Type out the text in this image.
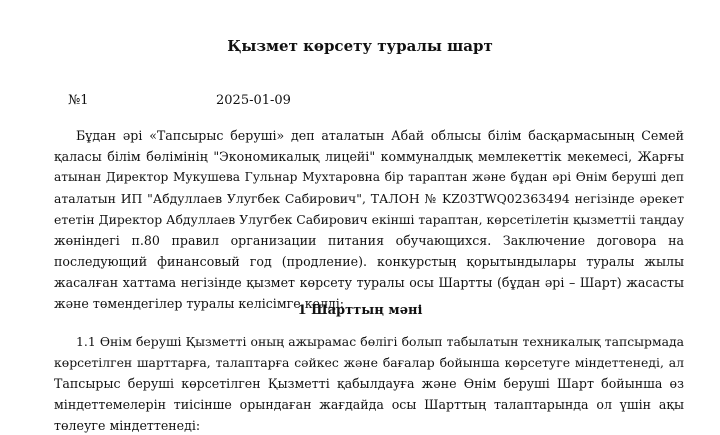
Қызмет көрсету туралы шарт
№1	2025-01-09

Бұдан әрі «Тапсырыс беруші» деп аталатын Абай облысы білім басқармасының Семей
қаласы білім бөлімінің "Экономикалық лицейі" коммуналдық мемлекеттік мекемесі, Жарғы
атынан Директор Мукушева Гульнар Мухтаровна бір тараптан және бұдан әрі Өнім беруші деп
аталатын ИП "Абдуллаев Улугбек Сабирович", ТАЛОН № KZ03TWQ02363494 негізінде әрекет
ететін Директор Абдуллаев Улугбек Сабирович екінші тараптан, көрсетілетін қызметтіі таңдау
жөніндегі п.80 правил организации питания обучающихся. Заключение договора на
последующий финансовый год (продление). конкурстың қорытындылары туралы жылы
жасалған хаттама негізінде қызмет көрсету туралы осы Шартты (бұдан әрі – Шарт) жасасты
және төмендегілер туралы келісімге келді:

1 Шарттың мәні

1.1 Өнім беруші Қызметті оның ажырамас бөлігі болып табылатын техникалық тапсырмада
көрсетілген шарттарға, талаптарға сәйкес және бағалар бойынша көрсетуге міндеттенеді, ал
Тапсырыс беруші көрсетілген Қызметті қабылдауға және Өнім беруші Шарт бойынша өз
міндеттемелерін тиісінше орындаған жағдайда осы Шарттың талаптарында ол үшін ақы
төлеуге міндеттенеді:
